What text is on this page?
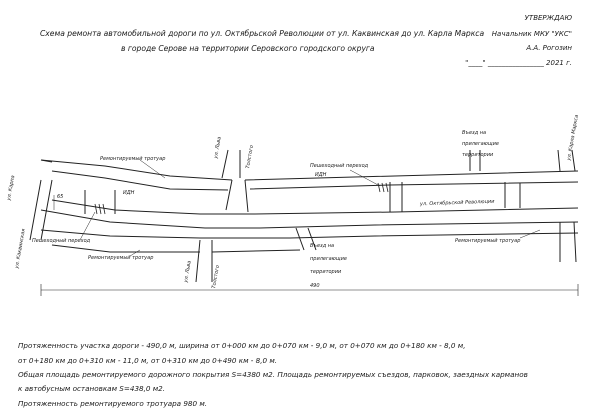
Схема ремонта автомобильной дороги по ул. Октябрьской Революции от ул. Каквинская до ул. Карла Маркса
в городе Серове на территории Серовского городского округа
УТВЕРЖДАЮ
Начальник МКУ "УКС"
А.А. Рогозин
"____" ________________ 2021 г.
Ремонтируемый тротуар
Пешеходный переход
ИДН
Ремонтируемый тротуар
Пешеходный переход
ИДН
ул. Октябрьской Революции
Ремонтируемый тротуар
Въезд на прилегающие территории
Въезд на прилегающие территории
490
65
ул. Карпа
ул. Каквинская
ул. Льва	Толстого
ул. Льва	Толстого
ул. Карла Маркса
Протяженность участка дороги - 490,0 м, ширина от 0+000 км до 0+070 км - 9,0 м, от 0+070 км до 0+180 км - 8,0 м,
от 0+180 км до 0+310 км - 11,0 м, от 0+310 км до 0+490 км - 8,0 м.
Общая площадь ремонтируемого дорожного покрытия S=4380 м2. Площадь ремонтируемых съездов, парковок, заездных карманов
к автобусным остановкам S=438,0 м2.
Протяженность ремонтируемого тротуара 980 м.
